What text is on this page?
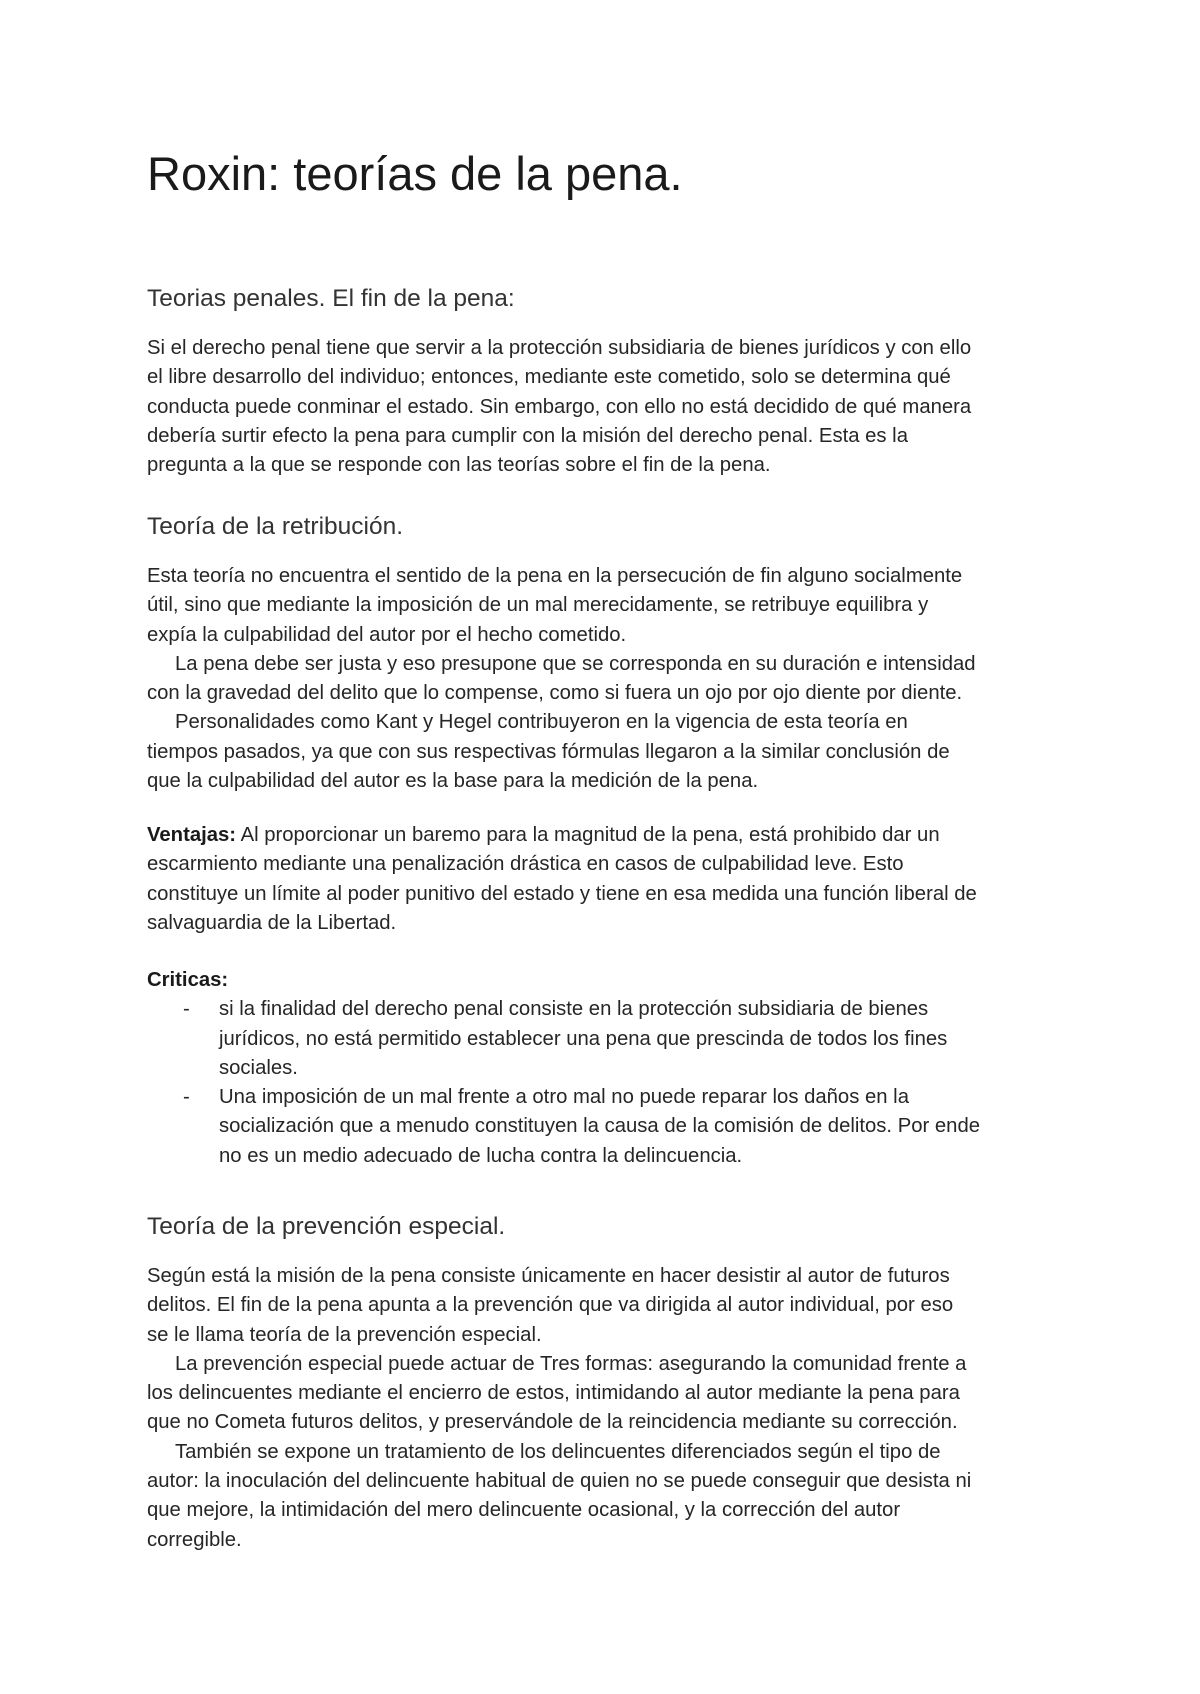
Roxin: teorías de la pena.
Teorias penales. El fin de la pena:
Si el derecho penal tiene que servir a la protección subsidiaria de bienes jurídicos y con ello
el libre desarrollo del individuo; entonces, mediante este cometido, solo se determina qué
conducta puede conminar el estado. Sin embargo, con ello no está decidido de qué manera
debería surtir efecto la pena para cumplir con la misión del derecho penal. Esta es la
pregunta a la que se responde con las teorías sobre el fin de la pena.
Teoría de la retribución.
Esta teoría no encuentra el sentido de la pena en la persecución de fin alguno socialmente
útil, sino que mediante la imposición de un mal merecidamente, se retribuye equilibra y
expía la culpabilidad del autor por el hecho cometido.
La pena debe ser justa y eso presupone que se corresponda en su duración e intensidad
con la gravedad del delito que lo compense, como si fuera un ojo por ojo diente por diente.
Personalidades como Kant y Hegel contribuyeron en la vigencia de esta teoría en
tiempos pasados, ya que con sus respectivas fórmulas llegaron a la similar conclusión de
que la culpabilidad del autor es la base para la medición de la pena.
Ventajas: Al proporcionar un baremo para la magnitud de la pena, está prohibido dar un
escarmiento mediante una penalización drástica en casos de culpabilidad leve. Esto
constituye un límite al poder punitivo del estado y tiene en esa medida una función liberal de
salvaguardia de la Libertad.
Criticas:
- si la finalidad del derecho penal consiste en la protección subsidiaria de bienes
jurídicos, no está permitido establecer una pena que prescinda de todos los fines
sociales.
- Una imposición de un mal frente a otro mal no puede reparar los daños en la
socialización que a menudo constituyen la causa de la comisión de delitos. Por ende
no es un medio adecuado de lucha contra la delincuencia.
Teoría de la prevención especial.
Según está la misión de la pena consiste únicamente en hacer desistir al autor de futuros
delitos. El fin de la pena apunta a la prevención que va dirigida al autor individual, por eso
se le llama teoría de la prevención especial.
La prevención especial puede actuar de Tres formas: asegurando la comunidad frente a
los delincuentes mediante el encierro de estos, intimidando al autor mediante la pena para
que no Cometa futuros delitos, y preservándole de la reincidencia mediante su corrección.
También se expone un tratamiento de los delincuentes diferenciados según el tipo de
autor: la inoculación del delincuente habitual de quien no se puede conseguir que desista ni
que mejore, la intimidación del mero delincuente ocasional, y la corrección del autor
corregible.
